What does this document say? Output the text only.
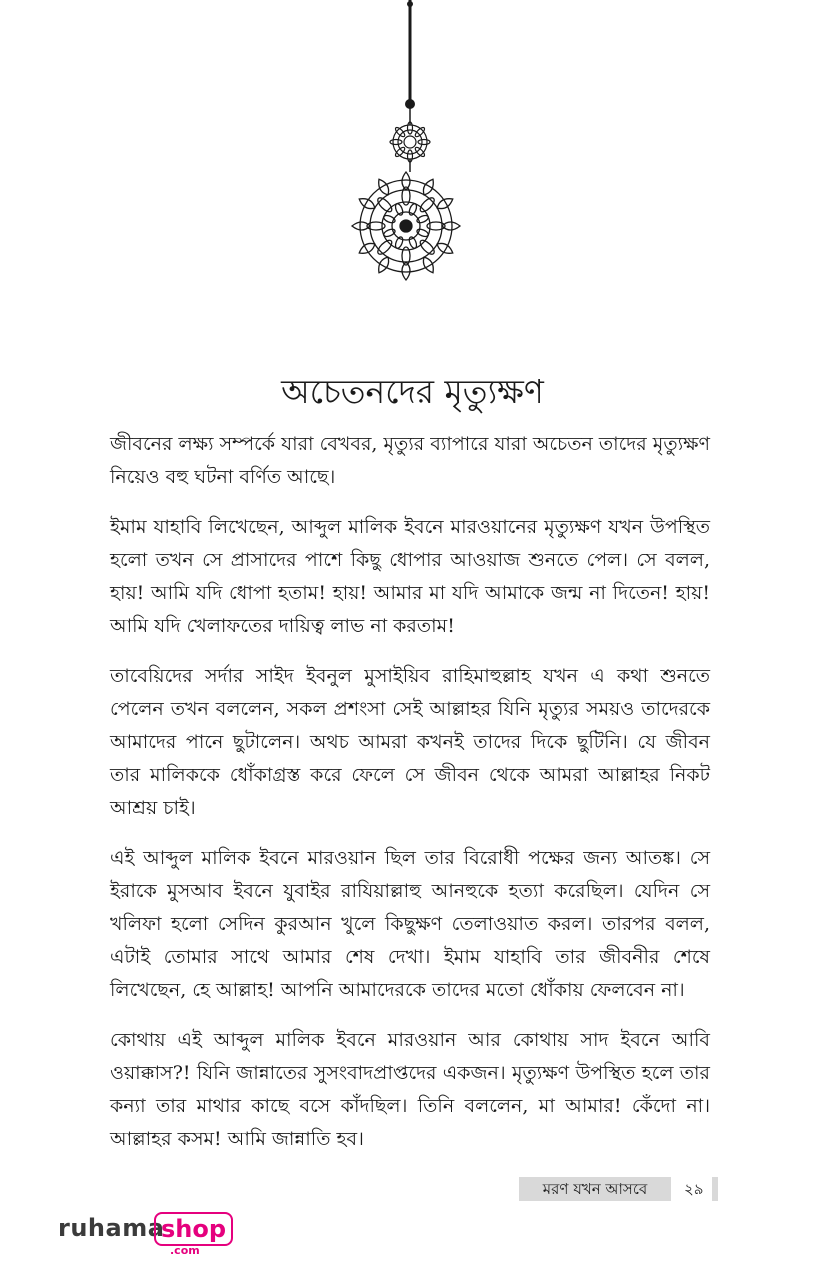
অচেতনদের মৃত্যুক্ষণ

জীবনের লক্ষ্য সম্পর্কে যারা বেখবর, মৃত্যুর ব্যাপারে যারা অচেতন তাদের মৃত্যুক্ষণ নিয়েও বহু ঘটনা বর্ণিত আছে।

ইমাম যাহাবি লিখেছেন, আব্দুল মালিক ইবনে মারওয়ানের মৃত্যুক্ষণ যখন উপস্থিত হলো তখন সে প্রাসাদের পাশে কিছু ধোপার আওয়াজ শুনতে পেল। সে বলল, হায়! আমি যদি ধোপা হতাম! হায়! আমার মা যদি আমাকে জন্ম না দিতেন! হায়! আমি যদি খেলাফতের দায়িত্ব লাভ না করতাম!

তাবেয়িদের সর্দার সাইদ ইবনুল মুসাইয়িব রাহিমাহুল্লাহ যখন এ কথা শুনতে পেলেন তখন বললেন, সকল প্রশংসা সেই আল্লাহর যিনি মৃত্যুর সময়ও তাদেরকে আমাদের পানে ছুটালেন। অথচ আমরা কখনই তাদের দিকে ছুটিনি। যে জীবন তার মালিককে ধোঁকাগ্রস্ত করে ফেলে সে জীবন থেকে আমরা আল্লাহর নিকট আশ্রয় চাই।

এই আব্দুল মালিক ইবনে মারওয়ান ছিল তার বিরোধী পক্ষের জন্য আতঙ্ক। সে ইরাকে মুসআব ইবনে যুবাইর রাযিয়াল্লাহু আনহুকে হত্যা করেছিল। যেদিন সে খলিফা হলো সেদিন কুরআন খুলে কিছুক্ষণ তেলাওয়াত করল। তারপর বলল, এটাই তোমার সাথে আমার শেষ দেখা। ইমাম যাহাবি তার জীবনীর শেষে লিখেছেন, হে আল্লাহ! আপনি আমাদেরকে তাদের মতো ধোঁকায় ফেলবেন না।

কোথায় এই আব্দুল মালিক ইবনে মারওয়ান আর কোথায় সাদ ইবনে আবি ওয়াক্কাস?! যিনি জান্নাতের সুসংবাদপ্রাপ্তদের একজন। মৃত্যুক্ষণ উপস্থিত হলে তার কন্যা তার মাথার কাছে বসে কাঁদছিল। তিনি বললেন, মা আমার! কেঁদো না। আল্লাহর কসম! আমি জান্নাতি হব।

মরণ যখন আসবে	২৯
ruhama
shop
.com
